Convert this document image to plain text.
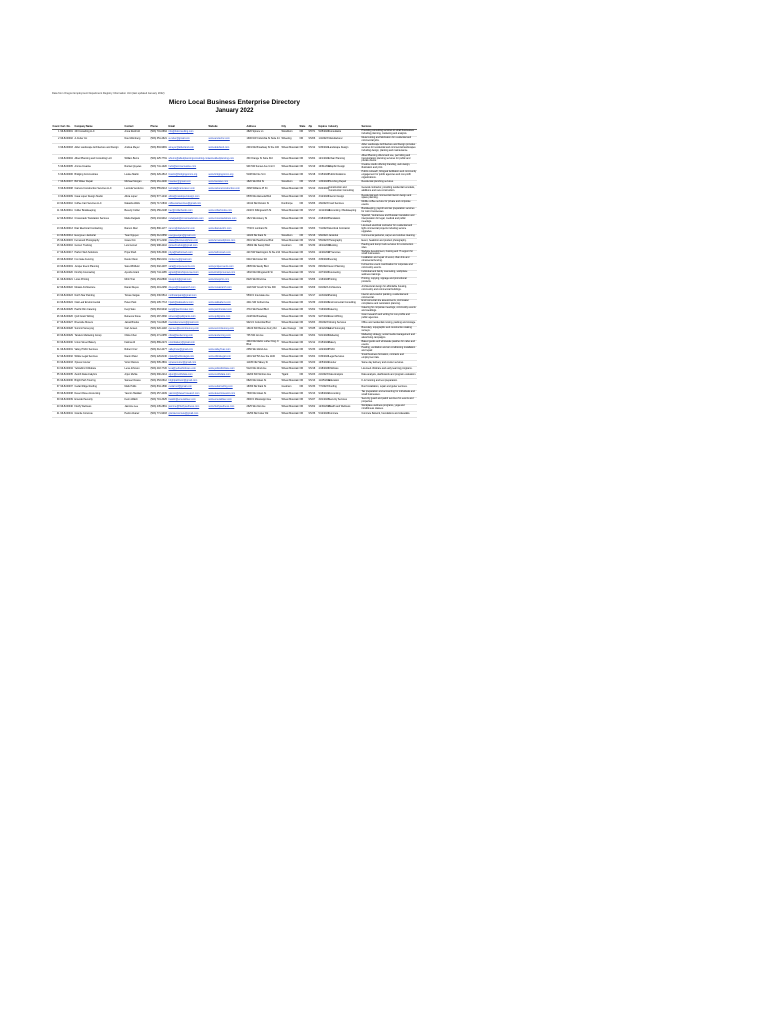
Data from Oregon Employment Department Registry Information Unit (last updated January 2022)
Micro Local Business Enterprise Directory
January 2022
Count	Cert. No.	Company Name	Contact	Phone	Email	Website	Address	City	State	Zip	Expires	Industry	Services
1	MLB-00001	4D Consulting LLC	Anna Reinholz	(503) 701-6664	info@4dconsulting.com		4820 Spruce Ln	Woodburn	OR	97071	5/25/2023	Consultants	Providing consulting services to small businesses including planning, marketing and analysis.
2	MLB-00002	A-Cutter Inc	Noel Weinberg	(503) 351-4621	a.cutter@gmail.com	www.acutterinc.com	1606 NW Columbia St Suite 44	Wheeling	OR	97206	1/4/2023	Manufacturer	Metal cutting and fabrication for residential and commercial jobs.
3	MLB-00003	Alder Landscape Architecture and Design	Andrea Meyer	(503) 894-9981	ameyer@alderland.com	www.alderland.com	2019 NE Broadway St Ste 100	Wheat Mountain	OR	97212	9/30/2022	Landscape Design	Alder Landscape Architecture and Design provides services for residential and commercial landscapes including design, planting and maintenance.
4	MLB-00004	Allied Planning and Consulting LLC	William Burns	(503) 225-7791	wburns@alliedplanningconsulting.com	www.alliedplanning.com	330 Orange St Suite 310	Wheat Mountain	OR	97204	12/1/2022	Urban Planning	Allied Planning offers land use, permitting and transportation planning services for public and private clients.
5	MLB-00005	Amma Creative	Rocket Quyeles	(503) 741-1020	hello@ammacreative.com		909 SW Sunset Ave Unit 3	Wheat Mountain	OR	97219	10/31/2022	Graphic Design	Creative studio offering branding, web design, illustration and print.
6	MLB-00006	Bridging Communities	Louise Martin	(503) 329-4513	lmartin@bridgingcomm.org	www.bridgingcomm.org	5108 NE Fire St 4	Wheat Mountain	OR	97218	6/15/2023	Public Relations	Public outreach, bilingual facilitation and community engagement for public agencies and non-profit organizations.
7	MLB-00007	BW Water Repair	Michael Morgan	(503) 261-4200	bwwater@gmail.com	www.bwwater.com	1820 SE 83rd St	Woodburn	OR	97215	1/30/2023	Plumbing Repair	Residential plumbing services.
8	MLB-00008	Carrera Construction Services LLC	Lucinda Verduzco	(503) 555-8213	lucinda@carrerasvc.com	www.carreraconstruction.com	3468 Williams Pl 34	Wheat Mountain	OR	97210	8/24/2022	Construction and Construction Consulting	General contractor, providing residential remodels, additions and new construction.
9	MLB-00009	Casa Lopez Design Studio	Alicia Lopez	(503) 577-1432	alicia@casalopezdesign.com		6535 NE Alameda Blvd	Wheat Mountain	OR	97213	3/12/2023	Interior Design	Residential and commercial interior design and space planning.
10	MLB-00010	Coffee Cart Services LLC	Natasha Wells	(503) 717-0834	coffeecartservices@gmail.com		10412 SE Division St	Dunthorpe	OR	97266	4/9/2023	Food Services	Mobile coffee service for private and corporate events.
11	MLB-00011	Collier Bookkeeping	Beverly Collier	(503) 456-2108	bev@collierbooks.com	www.collierbooks.com	2240 N Killingsworth St	Wheat Mountain	OR	97217	11/11/2022	Accounting / Bookkeeping	Bookkeeping, payroll and tax preparation services for micro businesses.
12	MLB-00012	Crossroads Translation Services	Maria Delgado	(503) 234-9012	mdelgado@crossroadstrans.com	www.crossroadstrans.com	1521 SE Ankeny St	Wheat Mountain	OR	97214	2/18/2023	Translation	Spanish, Vietnamese and Russian translation and interpretation for legal, medical and public meetings.
13	MLB-00013	Diaz Electrical Contracting	Ramon Diaz	(503) 890-1177	ramon@diazelectric.com	www.diazelectric.com	7730 N Lombard St	Wheat Mountain	OR	97203	7/1/2023	Electrical Contractor	Licensed electrical contractor for residential and light commercial projects including service upgrades.
14	MLB-00014	Evergreen Janitorial	Tuan Nguyen	(503) 312-6650	evergreenjan@gmail.com		12020 SE Stark St	Woodburn	OR	97216	9/9/2022	Janitorial	Commercial janitorial, carpet and window cleaning.
15	MLB-00015	Fernwood Photography	Grace Kim	(503) 671-2290	grace@fernwoodphoto.com	www.fernwoodphoto.com	3301 SE Hawthorne Blvd	Wheat Mountain	OR	97214	5/5/2023	Photography	Event, headshot and product photography.
16	MLB-00016	Gomez Trucking	Luis Gomez	(503) 998-4410	gomeztrucking@gmail.com		15902 NE Sandy Blvd	Gresham	OR	97230	10/14/2022	Trucking	Hauling and dump truck services for construction sites.
17	MLB-00017	Harbor Web Solutions	Priya Shah	(503) 545-3300	priya@harborweb.com	www.harborweb.com	420 SW Washington St Ste 210	Wheat Mountain	OR	97204	12/20/2022	IT Services	Website development, hosting and IT support for small businesses.
18	MLB-00018	Iron Gate Fencing	Derek Olson	(503) 882-0191	ironfence@gmail.com		6410 SE Foster Rd	Wheat Mountain	OR	97206	3/30/2023	Fencing	Installation and repair of wood, chain link and ornamental fencing.
19	MLB-00019	Juniper Event Planning	Sara Whitfield	(503) 602-4487	sara@juniperevents.com	www.juniperevents.com	2805 NE Sandy Blvd	Wheat Mountain	OR	97232	8/8/2022	Event Planning	Full service event coordination for corporate and community events.
20	MLB-00020	Kinship Counseling	Ayesha Grant	(503) 744-1185	agrant@kinshipcounsel.com	www.kinshipcounsel.com	1632 NE Killingsworth St	Wheat Mountain	OR	97211	4/27/2023	Counseling	Individual and family counseling, workplace wellness trainings.
21	MLB-00021	Lotus Printing	Minh Tran	(503) 254-8800	lotusprint@gmail.com	www.lotusprint.com	8220 SE 82nd Ave	Wheat Mountain	OR	97266	1/16/2023	Printing	Printing, copying, signage and promotional products.
22	MLB-00022	Mosaic Architecture	Daniel Reyes	(503) 419-2256	dreyes@mosaicarch.com	www.mosaicarch.com	1120 NW Couch St Ste 300	Wheat Mountain	OR	97209	6/2/2023	Architecture	Architectural design for affordable housing, community and commercial buildings.
23	MLB-00023	North Star Painting	Tomas Vargas	(503) 336-5514	northstarpaint@gmail.com		5530 N Interstate Ave	Wheat Mountain	OR	97217	11/3/2022	Painting	Interior and exterior painting, residential and commercial.
24	MLB-00024	Oak Leaf Environmental	Helen Park	(503) 205-7713	hpark@oakleafenv.com	www.oakleafenv.com	4411 SW Corbett Ave	Wheat Mountain	OR	97239	2/24/2023	Environmental Consulting	Environmental site assessments, stormwater compliance and restoration planning.
25	MLB-00025	Pacific Rim Catering	Kenji Sato	(503) 663-9042	kenji@pacrimcater.com	www.pacrimcater.com	3710 SE Powell Blvd	Wheat Mountain	OR	97202	7/19/2023	Catering	Catering for corporate meetings, community events and weddings.
26	MLB-00026	Quill Grant Writing	Rebecca Stone	(503) 287-3360	rebecca@quillgrants.com	www.quillgrants.com	2148 NE Broadway	Wheat Mountain	OR	97232	9/27/2022	Grant Writing	Grant research and writing for non-profits and public agencies.
27	MLB-00027	Riverside Movers	Jamal Brooks	(503) 741-6628	riversidemovers@gmail.com		9021 N Columbia Blvd	Wheat Mountain	OR	97203	3/6/2023	Moving Services	Office and residential moving, packing and storage.
28	MLB-00028	Summit Surveying	Carl Jensen	(503) 620-1148	cjensen@summitsurvey.com	www.summitsurvey.com	16100 SW Boones Ferry Rd	Lake Oswego	OR	97035	12/12/2022	Land Surveying	Boundary, topographic and construction staking surveys.
29	MLB-00029	Tandem Marketing Group	Olivia Chen	(503) 471-0955	olivia@tandemmg.com	www.tandemmg.com	735 SW 1st Ave	Wheat Mountain	OR	97204	5/21/2023	Marketing	Marketing strategy, social media management and advertising campaigns.
30	MLB-00030	Union Street Bakery	Fatima Ali	(503) 889-2274	unionbakery@gmail.com		4016 NE Martin Luther King Jr Blvd	Wheat Mountain	OR	97212	8/15/2022	Bakery	Baked goods and wholesale pastries for cafes and events.
31	MLB-00031	Valley HVAC Services	Robert Cruz	(503) 312-4477	valleyhvac@gmail.com	www.valleyhvac.com	2350 SE 122nd Ave	Wheat Mountain	OR	97233	1/22/2023	HVAC	Heating, ventilation and air conditioning installation and repair.
32	MLB-00032	Willow Legal Services	Naomi Patel	(503) 226-8130	npatel@willowlegal.com	www.willowlegal.com	1001 SW 5th Ave Ste 1100	Wheat Mountain	OR	97204	6/30/2023	Legal Services	Small business formation, contracts and employment law.
33	MLB-00033	Xpress Courier	Victor Ramos	(503) 505-3891	xpresscourier@gmail.com		11435 NE Halsey St	Wheat Mountain	OR	97220	10/5/2022	Courier	Same day delivery and courier services.
34	MLB-00034	Yellowbird Childcare	Lena Johnson	(503) 418-7720	lena@yellowbirdcare.com	www.yellowbirdcare.com	5122 NE 42nd Ave	Wheat Mountain	OR	97218	4/18/2023	Childcare	Licensed childcare and early learning programs.
35	MLB-00035	Zenith Data Analytics	Arjun Mehta	(503) 690-2214	arjun@zenithdata.com	www.zenithdata.com	10200 SW Nimbus Ave	Tigard	OR	97223	2/2/2023	Data Analysis	Data analysis, dashboards and program evaluation.
36	MLB-00036	Bright Path Tutoring	Samuel Owusu	(503) 353-6612	brightpathtutor@gmail.com		6820 NE Glisan St	Wheat Mountain	OR	97213	11/25/2022	Education	K-12 tutoring and test preparation.
37	MLB-00037	Cedar Ridge Roofing	Mark Hollis	(503) 834-1590	cedarroof@gmail.com	www.cedarroofing.com	18450 SE Stark St	Gresham	OR	97233	7/7/2023	Roofing	Roof installation, repair and gutter services.
38	MLB-00038	Desert Rose Accounting	Yasmin Haddad	(503) 257-4409	yasmin@desertroseacct.com	www.desertroseacct.com	7600 NE Glisan St	Wheat Mountain	OR	97213	9/18/2022	Accounting	Tax preparation and accounting for individuals and small businesses.
39	MLB-00039	Emerald Security	Kevin Walsh	(503) 719-3325	kwalsh@emeraldsec.com	www.emeraldsec.com	3900 N Mississippi Ave	Wheat Mountain	OR	97227	3/21/2023	Security Services	Security guard and patrol services for events and properties.
40	MLB-00040	Firefly Wellness	Jasmine Lee	(503) 445-2861	jasmine@fireflywellness.com	www.fireflywellness.com	2625 SE 21st Ave	Wheat Mountain	OR	97202	12/30/2022	Health and Wellness	Workplace wellness programs, yoga and mindfulness classes.
41	MLB-00041	Granite Concrete	Pedro Alvarez	(503) 771-9003	graniteconcrete@gmail.com		13250 SE Foster Rd	Wheat Mountain	OR	97236	5/12/2023	Concrete	Concrete flatwork, foundations and sidewalks.
